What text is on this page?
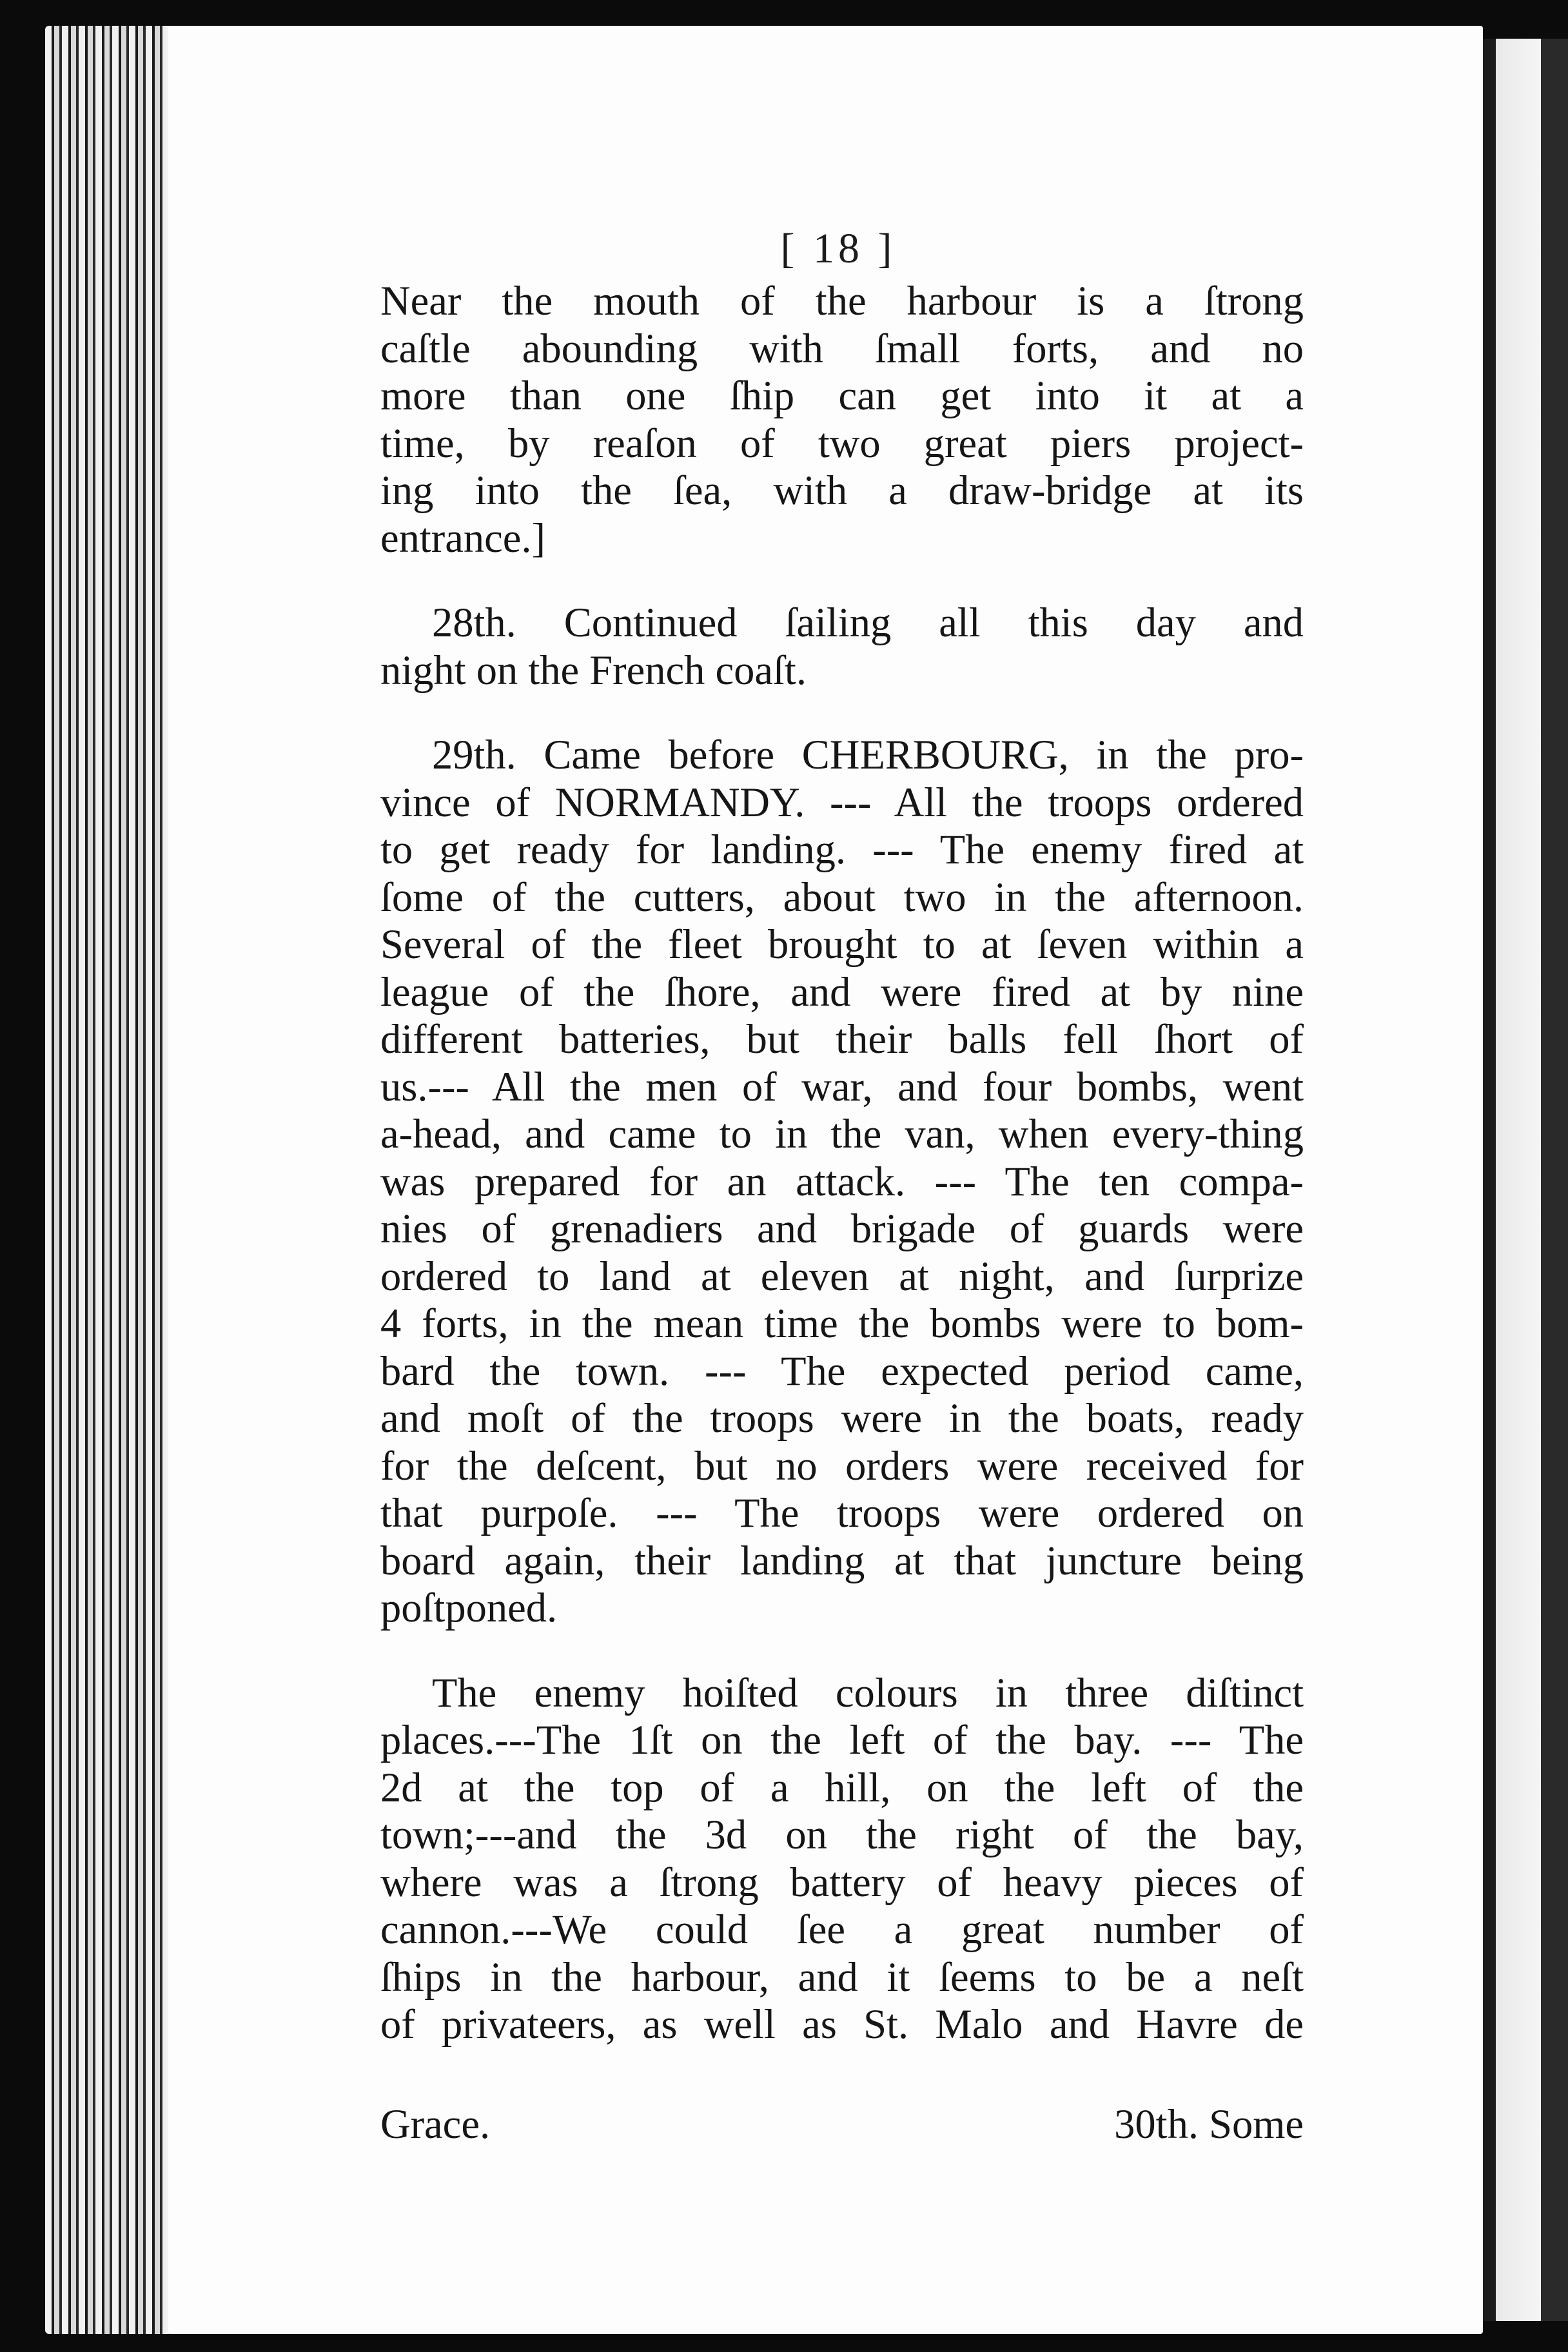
[ 18 ]
Near the mouth of the harbour is a ſtrong
caſtle abounding with ſmall forts, and no
more than one ſhip can get into it at a
time, by reaſon of two great piers project-
ing into the ſea, with a draw-bridge at its
entrance.]
28th. Continued ſailing all this day and
night on the French coaſt.
29th. Came before CHERBOURG, in the pro-
vince of NORMANDY. --- All the troops ordered
to get ready for landing. --- The enemy fired at
ſome of the cutters, about two in the afternoon.
Several of the fleet brought to at ſeven within a
league of the ſhore, and were fired at by nine
different batteries, but their balls fell ſhort of
us.--- All the men of war, and four bombs, went
a-head, and came to in the van, when every-thing
was prepared for an attack. --- The ten compa-
nies of grenadiers and brigade of guards were
ordered to land at eleven at night, and ſurprize
4 forts, in the mean time the bombs were to bom-
bard the town. --- The expected period came,
and moſt of the troops were in the boats, ready
for the deſcent, but no orders were received for
that purpoſe. --- The troops were ordered on
board again, their landing at that juncture being
poſtponed.
The enemy hoiſted colours in three diſtinct
places.---The 1ſt on the left of the bay. --- The
2d at the top of a hill, on the left of the
town;---and the 3d on the right of the bay,
where was a ſtrong battery of heavy pieces of
cannon.---We could ſee a great number of
ſhips in the harbour, and it ſeems to be a neſt
of privateers, as well as St. Malo and Havre de
Grace.	30th. Some
